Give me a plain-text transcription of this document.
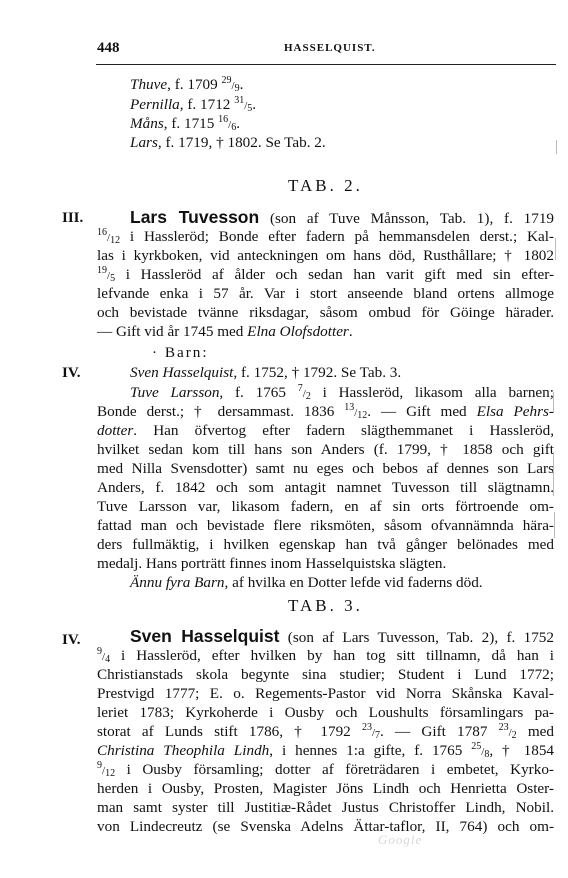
448	HASSELQUIST.
Thuve, f. 1709 29/9.
Pernilla, f. 1712 31/5.
Måns, f. 1715 16/6.
Lars, f. 1719, † 1802. Se Tab. 2.
TAB. 2.
III.	Lars Tuvesson (son af Tuve Månsson, Tab. 1), f. 1719
16/12 i Hassleröd; Bonde efter fadern på hemmansdelen derst.; Kal-
las i kyrkboken, vid anteckningen om hans död, Rusthållare; † 1802
19/5 i Hassleröd af ålder och sedan han varit gift med sin efter-
lefvande enka i 57 år. Var i stort anseende bland ortens allmoge
och bevistade tvänne riksdagar, såsom ombud för Göinge härader.
— Gift vid år 1745 med Elna Olofsdotter.
· Barn:
IV.	Sven Hasselquist, f. 1752, † 1792. Se Tab. 3.
Tuve Larsson, f. 1765 7/2 i Hassleröd, likasom alla barnen;
Bonde derst.; † dersammast. 1836 13/12. — Gift med Elsa Pehrs-
dotter. Han öfvertog efter fadern slägthemmanet i Hassleröd,
hvilket sedan kom till hans son Anders (f. 1799, † 1858 och gift
med Nilla Svensdotter) samt nu eges och bebos af dennes son Lars
Anders, f. 1842 och som antagit namnet Tuvesson till slägtnamn.
Tuve Larsson var, likasom fadern, en af sin orts förtroende om-
fattad man och bevistade flere riksmöten, såsom ofvannämnda hära-
ders fullmäktig, i hvilken egenskap han två gånger belönades med
medalj. Hans porträtt finnes inom Hasselquistska slägten.
Ännu fyra Barn, af hvilka en Dotter lefde vid faderns död.
TAB. 3.
IV.	Sven Hasselquist (son af Lars Tuvesson, Tab. 2), f. 1752
9/4 i Hassleröd, efter hvilken by han tog sitt tillnamn, då han i
Christianstads skola begynte sina studier; Student i Lund 1772;
Prestvigd 1777; E. o. Regements-Pastor vid Norra Skånska Kaval-
leriet 1783; Kyrkoherde i Ousby och Loushults församlingars pa-
storat af Lunds stift 1786, † 1792 23/7. — Gift 1787 23/2 med
Christina Theophila Lindh, i hennes 1:a gifte, f. 1765 25/8, † 1854
9/12 i Ousby församling; dotter af företrädaren i embetet, Kyrko-
herden i Ousby, Prosten, Magister Jöns Lindh och Henrietta Oster-
man samt syster till Justitiæ-Rådet Justus Christoffer Lindh, Nobil.
von Lindecreutz (se Svenska Adelns Ättar-taflor, II, 764) och om-
Google
